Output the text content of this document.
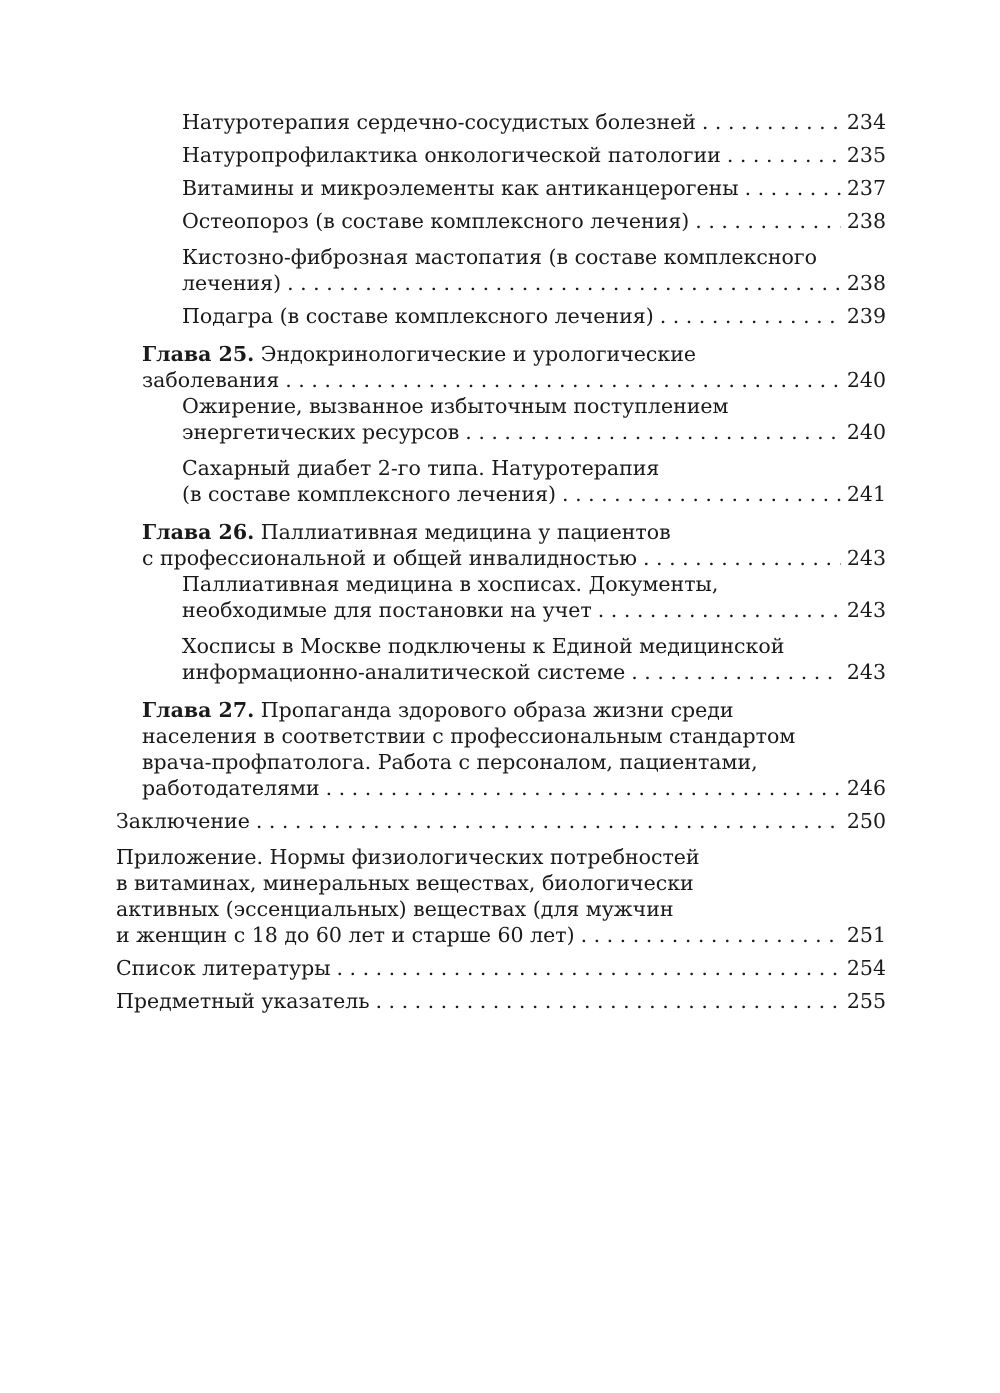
Натуротерапия сердечно-сосудистых болезней . . .	234
Натуропрофилактика онкологической патологии . . .	235
Витамины и микроэлементы как антиканцерогены . . .	237
Остеопороз (в составе комплексного лечения) . . .	238
Кистозно-фиброзная мастопатия (в составе комплексного
лечения) . . .	238
Подагра (в составе комплексного лечения) . . .	239
Глава 25. Эндокринологические и урологические
заболевания . . .	240
Ожирение, вызванное избыточным поступлением
энергетических ресурсов . . .	240
Сахарный диабет 2-го типа. Натуротерапия
(в составе комплексного лечения) . . .	241
Глава 26. Паллиативная медицина у пациентов
с профессиональной и общей инвалидностью . . .	243
Паллиативная медицина в хосписах. Документы,
необходимые для постановки на учет . . .	243
Хосписы в Москве подключены к Единой медицинской
информационно-аналитической системе . . .	243
Глава 27. Пропаганда здорового образа жизни среди
населения в соответствии с профессиональным стандартом
врача-профпатолога. Работа с персоналом, пациентами,
работодателями . . .	246
Заключение . . .	250
Приложение. Нормы физиологических потребностей
в витаминах, минеральных веществах, биологически
активных (эссенциальных) веществах (для мужчин
и женщин с 18 до 60 лет и старше 60 лет) . . .	251
Список литературы . . .	254
Предметный указатель . . .	255
